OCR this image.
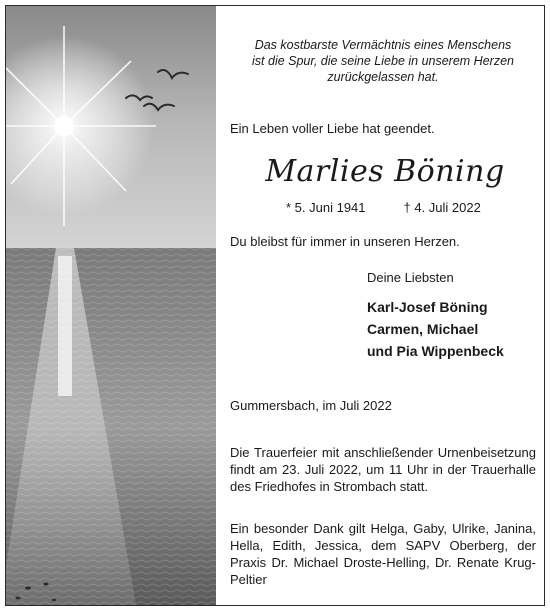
Das kostbarste Vermächtnis eines Menschens
ist die Spur, die seine Liebe in unserem Herzen
zurückgelassen hat.
Ein Leben voller Liebe hat geendet.
Marlies Böning
* 5. Juni 1941	† 4. Juli 2022
Du bleibst für immer in unseren Herzen.
Deine Liebsten
Karl-Josef Böning
Carmen, Michael
und Pia Wippenbeck
Gummersbach, im Juli 2022
Die Trauerfeier mit anschließender Urnenbeisetzung findt am 23. Juli 2022, um 11 Uhr in der Trauerhalle des Friedhofes in Strombach statt.
Ein besonder Dank gilt Helga, Gaby, Ulrike, Janina, Hella, Edith, Jessica, dem SAPV Oberberg, der Praxis Dr. Michael Droste-Helling, Dr. Renate Krug-Peltier
